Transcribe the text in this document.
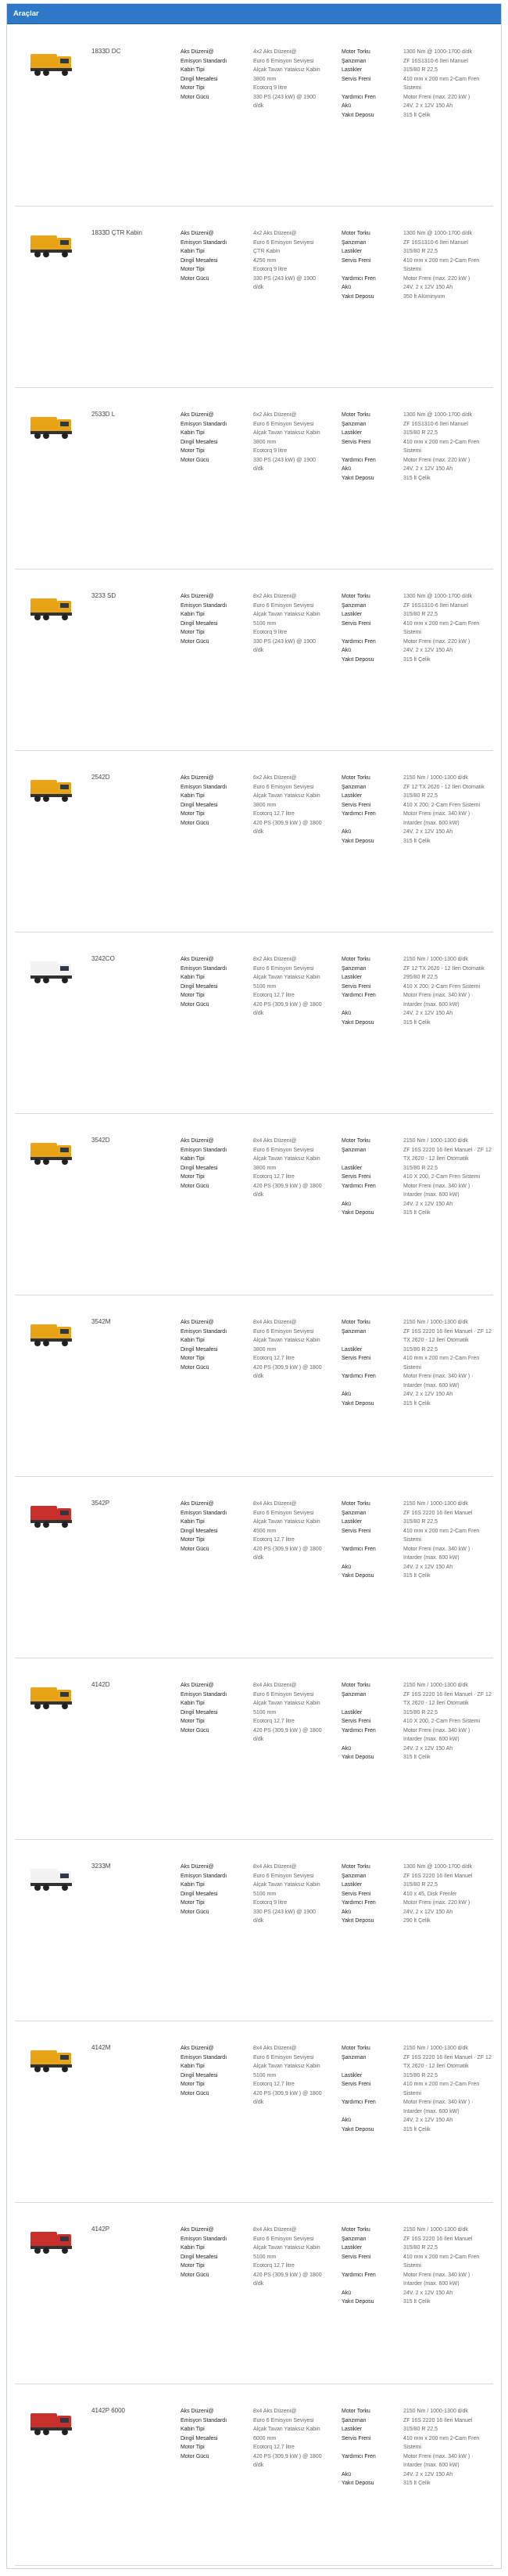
Araçlar
1833D DC	Aks Düzeni@	4x2 Aks Düzeni@
Emisyon Standardı	Euro 6 Emisyon Seviyesi
Kabin Tipi	Alçak Tavan Yataksız Kabin
Dingil Mesafesi	3800 mm
Motor Tipi	Ecotorq 9 litre
Motor Gücü	330 PS (243 kW) @ 1900 d/dk
Motor Torku	1300 Nm @ 1000-1700 d/dk
Şanzıman	ZF 16S1310-6 İleri Manuel
Lastikler	315/80 R 22,5
Servis Freni	410 mm x 200 mm 2-Cam Fren Sistemi
Yardımcı Fren	Motor Freni (max. 220 kW )
Akü	24V, 2 x 12V 150 Ah
Yakıt Deposu	315 lt Çelik
1833D ÇTR Kabin	Aks Düzeni@	4x2 Aks Düzeni@
Emisyon Standardı	Euro 6 Emisyon Seviyesi
Kabin Tipi	ÇTR Kabin
Dingil Mesafesi	4250 mm
Motor Tipi	Ecotorq 9 litre
Motor Gücü	330 PS (243 kW) @ 1900 d/dk
Motor Torku	1300 Nm @ 1000-1700 d/dk
Şanzıman	ZF 16S1310-6 İleri Manuel
Lastikler	315/80 R 22,5
Servis Freni	410 mm x 200 mm 2-Cam Fren Sistemi
Yardımcı Fren	Motor Freni (max. 220 kW )
Akü	24V, 2 x 12V 150 Ah
Yakıt Deposu	350 lt Alüminyum
2533D L	Aks Düzeni@	6x2 Aks Düzeni@
Emisyon Standardı	Euro 6 Emisyon Seviyesi
Kabin Tipi	Alçak Tavan Yataksız Kabin
Dingil Mesafesi	3800 mm
Motor Tipi	Ecotorq 9 litre
Motor Gücü	330 PS (243 kW) @ 1900 d/dk
Motor Torku	1300 Nm @ 1000-1700 d/dk
Şanzıman	ZF 16S1310-6 İleri Manuel
Lastikler	315/80 R 22,5
Servis Freni	410 mm x 200 mm 2-Cam Fren Sistemi
Yardımcı Fren	Motor Freni (max. 220 kW )
Akü	24V, 2 x 12V 150 Ah
Yakıt Deposu	315 lt Çelik
3233 SD	Aks Düzeni@	8x2 Aks Düzeni@
Emisyon Standardı	Euro 6 Emisyon Seviyesi
Kabin Tipi	Alçak Tavan Yataksız Kabin
Dingil Mesafesi	5100 mm
Motor Tipi	Ecotorq 9 litre
Motor Gücü	330 PS (243 kW) @ 1900 d/dk
Motor Torku	1300 Nm @ 1000-1700 d/dk
Şanzıman	ZF 16S1310-6 İleri Manuel
Lastikler	315/80 R 22,5
Servis Freni	410 mm x 200 mm 2-Cam Fren Sistemi
Yardımcı Fren	Motor Freni (max. 220 kW )
Akü	24V, 2 x 12V 150 Ah
Yakıt Deposu	315 lt Çelik
2542D	Aks Düzeni@	6x2 Aks Düzeni@
Emisyon Standardı	Euro 6 Emisyon Seviyesi
Kabin Tipi	Alçak Tavan Yataksız Kabin
Dingil Mesafesi	3800 mm
Motor Tipi	Ecotorq 12,7 litre
Motor Gücü	420 PS (309,9 kW ) @ 1800 d/dk
Motor Torku	2150 Nm / 1000-1300 d/dk
Şanzıman	ZF 12 TX 2620 - 12 İleri Otomatik
Lastikler	315/80 R 22,5
Servis Freni	410 X 200, 2-Cam Fren Sistemi
Yardımcı Fren	Motor Freni (max. 340 kW ) · Intarder (max. 600 kW)
Akü	24V, 2 x 12V 150 Ah
Yakıt Deposu	315 lt Çelik
3242CO	Aks Düzeni@	8x2 Aks Düzeni@
Emisyon Standardı	Euro 6 Emisyon Seviyesi
Kabin Tipi	Alçak Tavan Yataksız Kabin
Dingil Mesafesi	5100 mm
Motor Tipi	Ecotorq 12,7 litre
Motor Gücü	420 PS (309,9 kW ) @ 1800 d/dk
Motor Torku	2150 Nm / 1000-1300 d/dk
Şanzıman	ZF 12 TX 2620 - 12 İleri Otomatik
Lastikler	295/80 R 22,5
Servis Freni	410 X 200, 2-Cam Fren Sistemi
Yardımcı Fren	Motor Freni (max. 340 kW ) · Intarder (max. 600 kW)
Akü	24V, 2 x 12V 150 Ah
Yakıt Deposu	315 lt Çelik
3542D	Aks Düzeni@	8x4 Aks Düzeni@
Emisyon Standardı	Euro 6 Emisyon Seviyesi
Kabin Tipi	Alçak Tavan Yataksız Kabin
Dingil Mesafesi	3800 mm
Motor Tipi	Ecotorq 12,7 litre
Motor Gücü	420 PS (309,9 kW ) @ 1800 d/dk
Motor Torku	2150 Nm / 1000-1300 d/dk
Şanzıman	ZF 16S 2220 16 İleri Manuel · ZF 12 TX 2620 - 12 İleri Otomatik
Lastikler	315/80 R 22,5
Servis Freni	410 X 200, 2-Cam Fren Sistemi
Yardımcı Fren	Motor Freni (max. 340 kW ) · Intarder (max. 600 kW)
Akü	24V, 2 x 12V 150 Ah
Yakıt Deposu	315 lt Çelik
3542M	Aks Düzeni@	8x4 Aks Düzeni@
Emisyon Standardı	Euro 6 Emisyon Seviyesi
Kabin Tipi	Alçak Tavan Yataksız Kabin
Dingil Mesafesi	3800 mm
Motor Tipi	Ecotorq 12,7 litre
Motor Gücü	420 PS (309,9 kW ) @ 1800 d/dk
Motor Torku	2150 Nm / 1000-1300 d/dk
Şanzıman	ZF 16S 2220 16 İleri Manuel · ZF 12 TX 2620 - 12 İleri Otomatik
Lastikler	315/80 R 22,5
Servis Freni	410 mm x 200 mm 2-Cam Fren Sistemi
Yardımcı Fren	Motor Freni (max. 340 kW ) · Intarder (max. 600 kW)
Akü	24V, 2 x 12V 150 Ah
Yakıt Deposu	315 lt Çelik
3542P	Aks Düzeni@	8x4 Aks Düzeni@
Emisyon Standardı	Euro 6 Emisyon Seviyesi
Kabin Tipi	Alçak Tavan Yataksız Kabin
Dingil Mesafesi	4500 mm
Motor Tipi	Ecotorq 12,7 litre
Motor Gücü	420 PS (309,9 kW ) @ 1800 d/dk
Motor Torku	2150 Nm / 1000-1300 d/dk
Şanzıman	ZF 16S 2220 16 İleri Manuel
Lastikler	315/80 R 22,5
Servis Freni	410 mm x 200 mm 2-Cam Fren Sistemi
Yardımcı Fren	Motor Freni (max. 340 kW ) · Intarder (max. 600 kW)
Akü	24V, 2 x 12V 150 Ah
Yakıt Deposu	315 lt Çelik
4142D	Aks Düzeni@	8x4 Aks Düzeni@
Emisyon Standardı	Euro 6 Emisyon Seviyesi
Kabin Tipi	Alçak Tavan Yataksız Kabin
Dingil Mesafesi	5100 mm
Motor Tipi	Ecotorq 12,7 litre
Motor Gücü	420 PS (309,9 kW ) @ 1800 d/dk
Motor Torku	2150 Nm / 1000-1300 d/dk
Şanzıman	ZF 16S 2220 16 İleri Manuel · ZF 12 TX 2620 - 12 İleri Otomatik
Lastikler	315/80 R 22,5
Servis Freni	410 X 200, 2-Cam Fren Sistemi
Yardımcı Fren	Motor Freni (max. 340 kW ) · Intarder (max. 600 kW)
Akü	24V, 2 x 12V 150 Ah
Yakıt Deposu	315 lt Çelik
3233M	Aks Düzeni@	8x4 Aks Düzeni@
Emisyon Standardı	Euro 6 Emisyon Seviyesi
Kabin Tipi	Alçak Tavan Yataksız Kabin
Dingil Mesafesi	5100 mm
Motor Tipi	Ecotorq 9 litre
Motor Gücü	330 PS (243 kW) @ 1900 d/dk
Motor Torku	1300 Nm @ 1000-1700 d/dk
Şanzıman	ZF 16S 2220 16 İleri Manuel
Lastikler	315/80 R 22,5
Servis Freni	410 x 45, Disk Frenler
Yardımcı Fren	Motor Freni (max. 220 kW )
Akü	24V, 2 x 12V 150 Ah
Yakıt Deposu	290 lt Çelik
4142M	Aks Düzeni@	8x4 Aks Düzeni@
Emisyon Standardı	Euro 6 Emisyon Seviyesi
Kabin Tipi	Alçak Tavan Yataksız Kabin
Dingil Mesafesi	5100 mm
Motor Tipi	Ecotorq 12,7 litre
Motor Gücü	420 PS (309,9 kW ) @ 1800 d/dk
Motor Torku	2150 Nm / 1000-1300 d/dk
Şanzıman	ZF 16S 2220 16 İleri Manuel · ZF 12 TX 2620 - 12 İleri Otomatik
Lastikler	315/80 R 22,5
Servis Freni	410 mm x 200 mm 2-Cam Fren Sistemi
Yardımcı Fren	Motor Freni (max. 340 kW ) · Intarder (max. 600 kW)
Akü	24V, 2 x 12V 150 Ah
Yakıt Deposu	315 lt Çelik
4142P	Aks Düzeni@	8x4 Aks Düzeni@
Emisyon Standardı	Euro 6 Emisyon Seviyesi
Kabin Tipi	Alçak Tavan Yataksız Kabin
Dingil Mesafesi	5100 mm
Motor Tipi	Ecotorq 12,7 litre
Motor Gücü	420 PS (309,9 kW ) @ 1800 d/dk
Motor Torku	2150 Nm / 1000-1300 d/dk
Şanzıman	ZF 16S 2220 16 İleri Manuel
Lastikler	315/80 R 22,5
Servis Freni	410 mm x 200 mm 2-Cam Fren Sistemi
Yardımcı Fren	Motor Freni (max. 340 kW ) · Intarder (max. 600 kW)
Akü	24V, 2 x 12V 150 Ah
Yakıt Deposu	315 lt Çelik
4142P 6000	Aks Düzeni@	8x4 Aks Düzeni@
Emisyon Standardı	Euro 6 Emisyon Seviyesi
Kabin Tipi	Alçak Tavan Yataksız Kabin
Dingil Mesafesi	6000 mm
Motor Tipi	Ecotorq 12,7 litre
Motor Gücü	420 PS (309,9 kW ) @ 1800 d/dk
Motor Torku	2150 Nm / 1000-1300 d/dk
Şanzıman	ZF 16S 2220 16 İleri Manuel
Lastikler	315/80 R 22,5
Servis Freni	410 mm x 200 mm 2-Cam Fren Sistemi
Yardımcı Fren	Motor Freni (max. 340 kW ) · Intarder (max. 600 kW)
Akü	24V, 2 x 12V 150 Ah
Yakıt Deposu	315 lt Çelik
